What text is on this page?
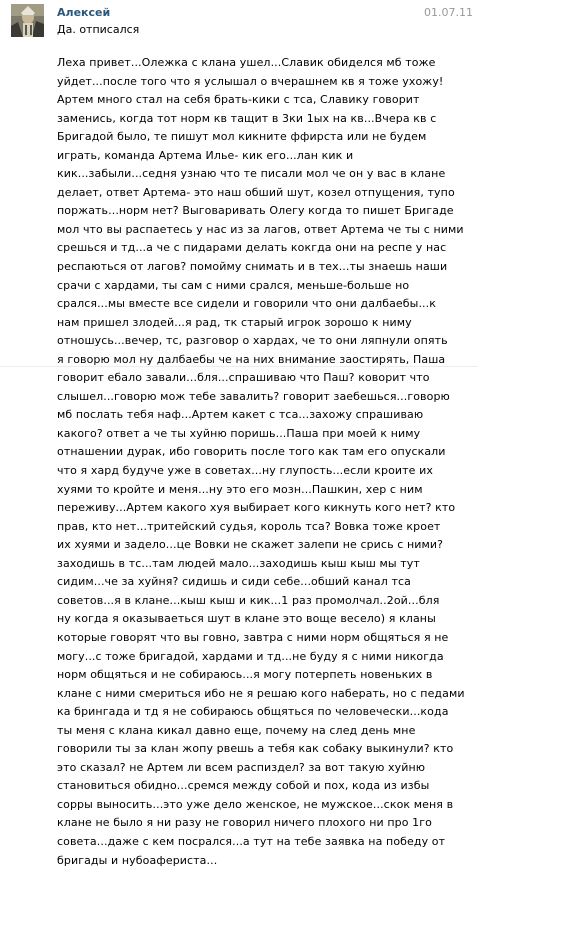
Алексей	01.07.11
Да. отписался
Леха привет...Олежка с клана ушел...Славик обиделся мб тоже
уйдет...после того что я услышал о вчерашнем кв я тоже ухожу!
Артем много стал на себя брать-кики с тса, Славику говорит
заменись, когда тот норм кв тащит в 3ки 1ых на кв...Вчера кв с
Бригадой было, те пишут мол кикните ффирста или не будем
играть, команда Артема Илье- кик его...лан кик и
кик...забыли...седня узнаю что те писали мол че он у вас в клане
делает, ответ Артема- это наш обший шут, козел отпущения, тупо
поржать...норм нет? Выговаривать Олегу когда то пишет Бригаде
мол что вы распаетесь у нас из за лагов, ответ Артема че ты с ними
срешься и тд...а че с пидарами делать кокгда они на респе у нас
респаються от лагов? помойму снимать и в тех...ты знаешь наши
срачи с хардами, ты сам с ними срался, меньше-больше но
срался...мы вместе все сидели и говорили что они далбаебы...к
нам пришел злодей...я рад, тк старый игрок зорошо к ниму
отношусь...вечер, тс, разговор о хардах, че то они ляпнули опять
я говорю мол ну далбаебы че на них внимание заостирять, Паша
говорит ебало завали...бля...спрашиваю что Паш? ковoрит что
слышел...говорю мож тебе завалить? говорит заебешься...говорю
мб послать тебя наф...Артем какет с тса...захожу спрашиваю
какого? ответ а че ты хуйню поришь...Паша при моей к ниму
отнашении дурак, ибо говорить после того как там его опускали
что я хард будуче уже в советах...ну глупость...если кроите их
хуями то кройте и меня...ну это его мозн...Пашкин, хер с ним
переживу...Артем какого хуя выбирает кого кикнуть кого нет? кто
прав, кто нет...тритейский судья, король тса? Вовка тоже кроет
их хуями и задело...це Вовки не скажет залепи не срись с ними?
заходишь в тс...там людей мало...заходишь кыш кыш мы тут
сидим...че за хуйня? сидишь и сиди себе...обший канал тса
советов...я в клане...кыш кыш и кик...1 раз промолчал..2ой...бля
ну когда я оказываеться шут в клане это воще весело) я кланы
которые говорят что вы говно, завтра с ними норм общяться я не
могу...с тоже бригадой, хардами и тд...не буду я с ними никогда
норм общяться и не собираюсь...я могу потерпеть новеньких в
клане с ними смериться ибо не я решаю кого наберать, но с педами
ка брингада и тд я не собираюсь общяться по человечески...кода
ты меня с клана кикал давно еще, почему на след день мне
говорили ты за клан жопу рвешь а тебя как собаку выкинули? кто
это сказал? не Артем ли всем распиздел? за вот такую хуйню
становиться обидно...сремся между собой и пох, кода из избы
сорры выносить...это уже дело женское, не мужское...скок меня в
клане не было я ни разу не говорил ничего плохого ни про 1го
совета...даже с кем посрался...а тут на тебе заявка на победу от
бригады и нубоафериста...
